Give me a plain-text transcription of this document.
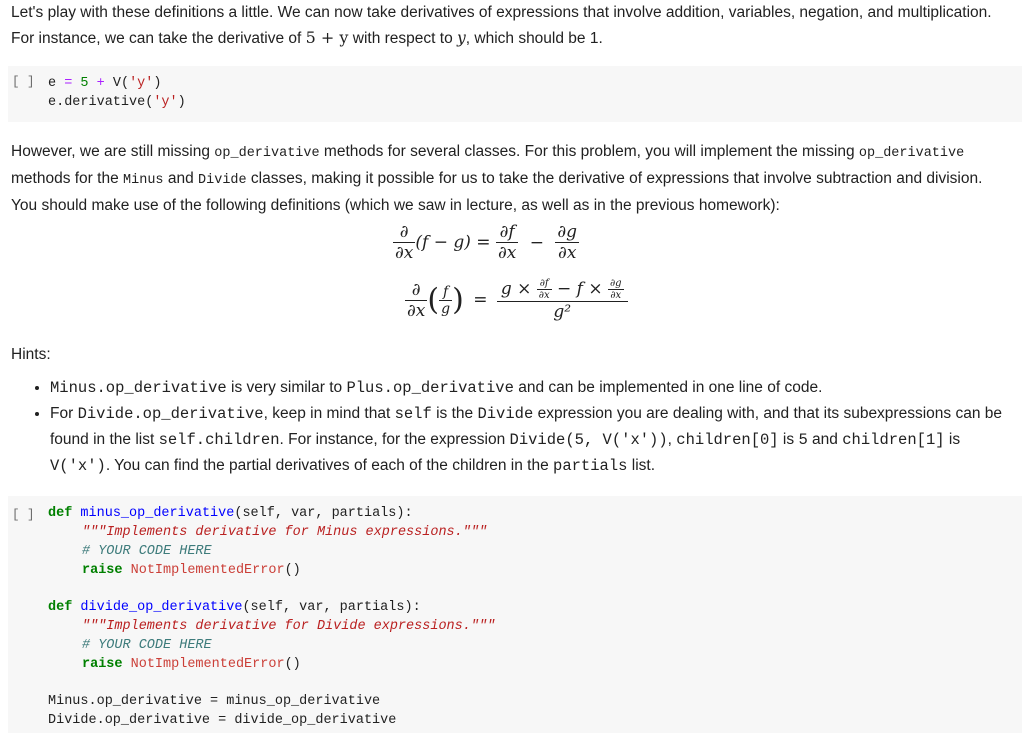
Let's play with these definitions a little. We can now take derivatives of expressions that involve addition, variables, negation, and multiplication.
For instance, we can take the derivative of 5 + y with respect to y, which should be 1.
[ ] e = 5 + V('y')
e.derivative('y')
However, we are still missing op_derivative methods for several classes. For this problem, you will implement the missing op_derivative methods for the Minus and Divide classes, making it possible for us to take the derivative of expressions that involve subtraction and division. You should make use of the following definitions (which we saw in lecture, as well as in the previous homework):
$\frac{\partial}{\partial x} (f - g) = \frac{\partial f}{\partial x} - \frac{\partial g}{\partial x}$
$\frac{\partial}{\partial x}$ ( $\frac{f}{g}$ ) = $\frac{g \times \frac{\partial f}{\partial x} - f \times \frac{\partial g}{\partial x}}{\text{g²}}$
Hints:
• Minus.op_derivative is very similar to Plus.op_derivative and can be implemented in one line of code.
• For Divide.op_derivative, keep in mind that self is the Divide expression you are dealing with, and that its subexpressions can be found in the list self.children. For instance, for the expression Divide(5, V('x')), children[0] is 5 and children[1] is V('x'). You can find the partial derivatives of each of the children in the partials list.
[ ] def minus_op_derivative(self, var, partials):
"""Implements derivative for Minus expressions."""
# YOUR CODE HERE
raise NotImplementedError()
def divide_op_derivative(self, var, partials):
"""Implements derivative for Divide expressions."""
# YOUR CODE HERE
raise NotImplementedError()
Minus.op_derivative = minus_op_derivative
Divide.op_derivative = divide_op_derivative
